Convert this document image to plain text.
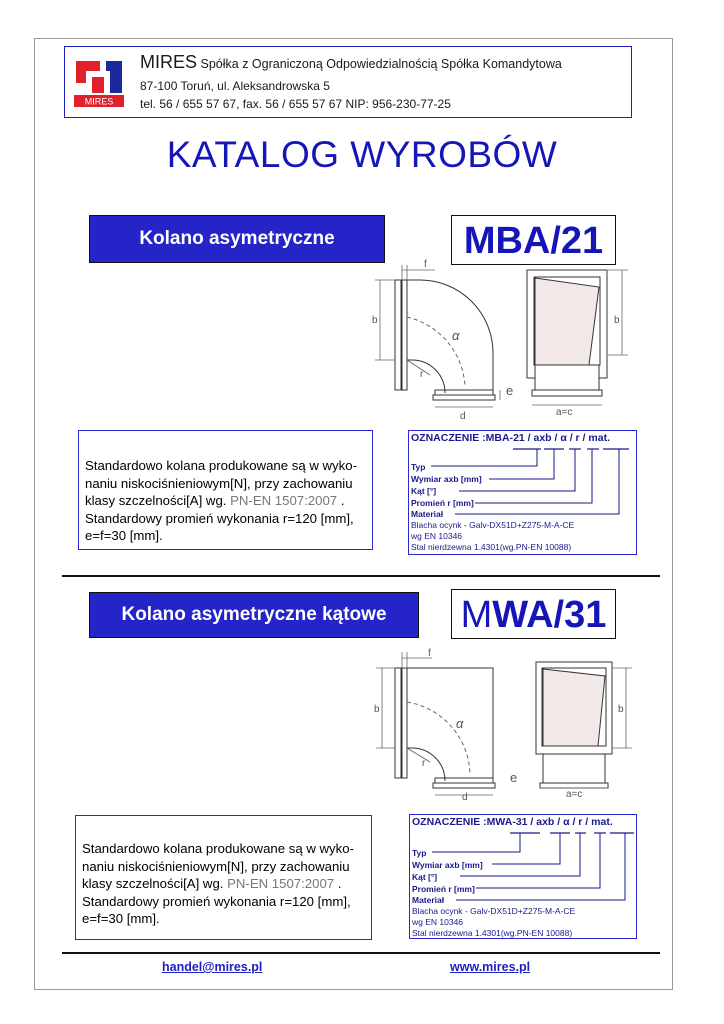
MIRES
MIRES Spółka z Ograniczoną Odpowiedzialnością Spółka Komandytowa
87-100 Toruń, ul. Aleksandrowska 5
tel. 56 / 655 57 67, fax. 56 / 655 57 67 NIP: 956-230-77-25
KATALOG WYROBÓW
Kolano asymetryczne	MBA/21
f
b
α
r
e
d
b
a=c
Standardowo kolana produkowane są w wyko-
naniu niskociśnieniowym[N], przy zachowaniu
klasy szczelności[A] wg. PN-EN 1507:2007 .
Standardowy promień wykonania r=120 [mm],
e=f=30 [mm].
OZNACZENIE :MBA-21 / axb / α / r / mat.
Typ
Wymiar axb [mm]
Kąt [°]
Promień r [mm]
Materiał
Blacha ocynk - Galv-DX51D+Z275-M-A-CE
wg EN 10346
Stal nierdzewna 1.4301(wg.PN-EN 10088)
Kolano asymetryczne kątowe	MWA/31
f
b
α
r
e
d
b
a=c
Standardowo kolana produkowane są w wyko-
naniu niskociśnieniowym[N], przy zachowaniu
klasy szczelności[A] wg. PN-EN 1507:2007 .
Standardowy promień wykonania r=120 [mm],
e=f=30 [mm].
OZNACZENIE :MWA-31 / axb / α / r / mat.
Typ
Wymiar axb [mm]
Kąt [°]
Promień r [mm]
Materiał
Blacha ocynk - Galv-DX51D+Z275-M-A-CE
wg EN 10346
Stal nierdzewna 1.4301(wg.PN-EN 10088)
handel@mires.pl	www.mires.pl
